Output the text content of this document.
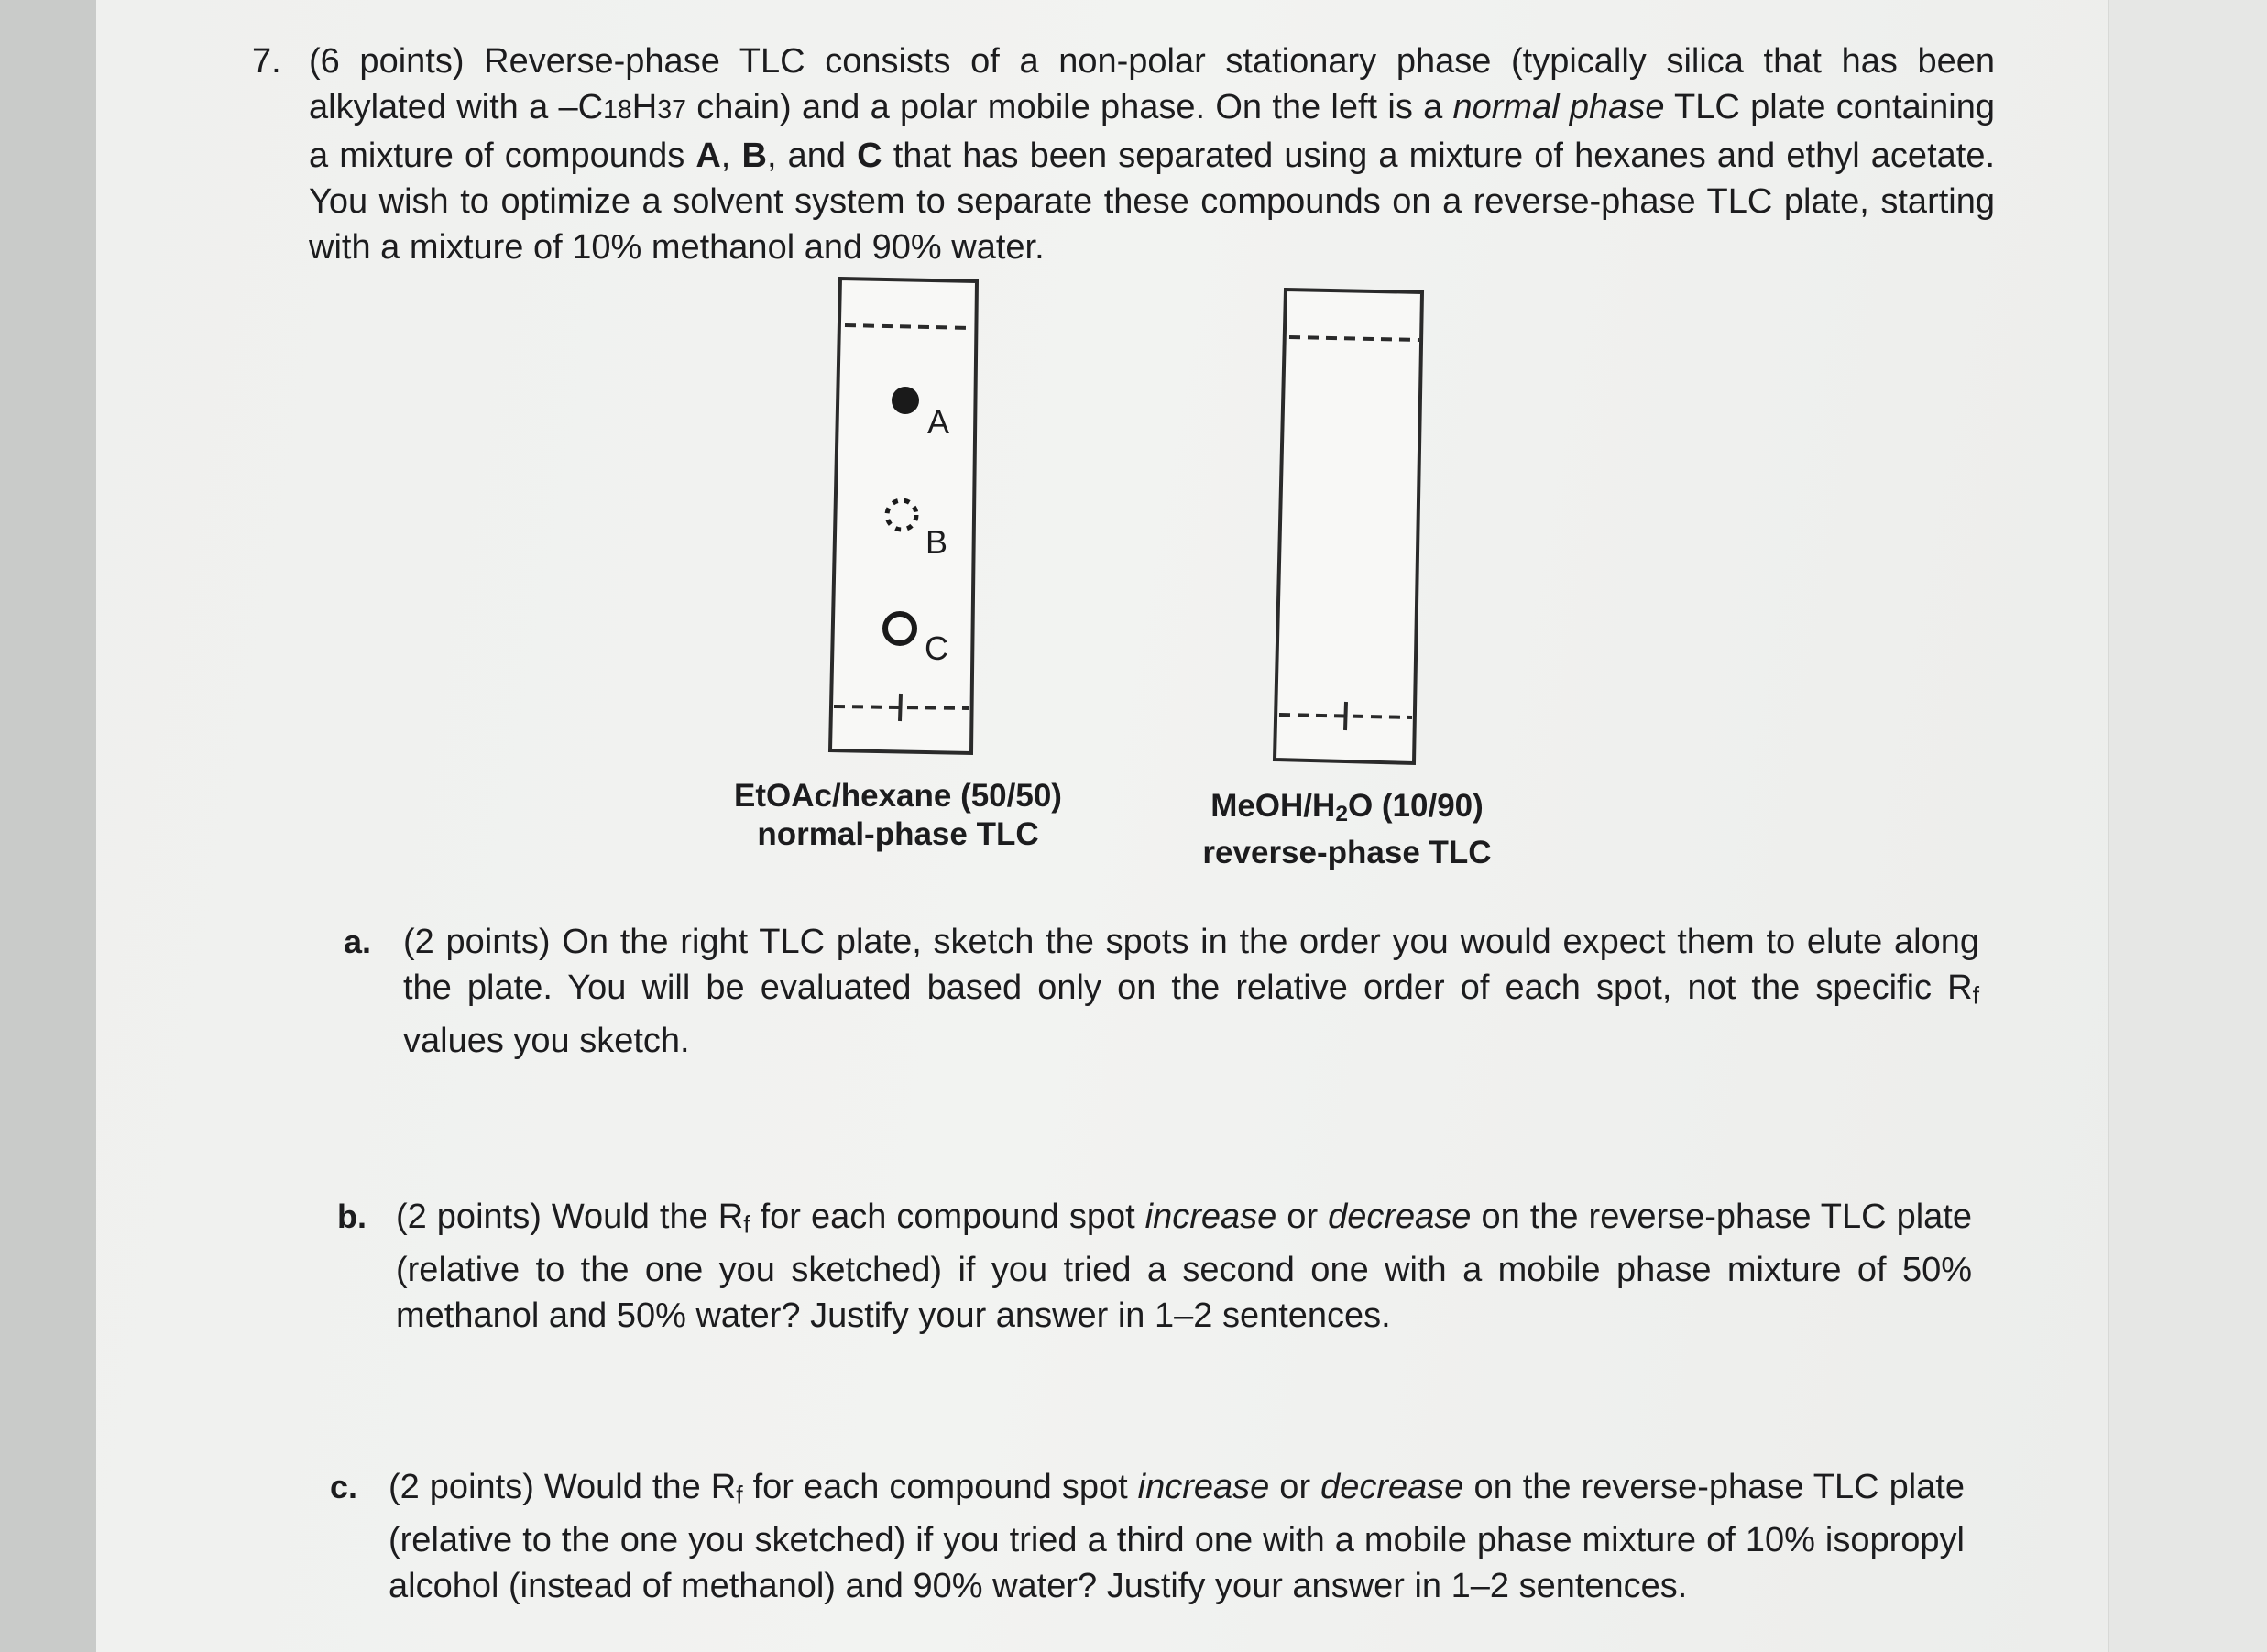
7. (6 points) Reverse-phase TLC consists of a non-polar stationary phase (typically silica that has been alkylated with a –C18H37 chain) and a polar mobile phase. On the left is a normal phase TLC plate containing a mixture of compounds A, B, and C that has been separated using a mixture of hexanes and ethyl acetate. You wish to optimize a solvent system to separate these compounds on a reverse-phase TLC plate, starting with a mixture of 10% methanol and 90% water.
A
B
C
EtOAc/hexane (50/50)
normal-phase TLC
MeOH/$H_2O$ (10/90)
reverse-phase TLC
a. (2 points) On the right TLC plate, sketch the spots in the order you would expect them to elute along the plate. You will be evaluated based only on the relative order of each spot, not the specific $R_f$ values you sketch.
b. (2 points) Would the $R_f$ for each compound spot increase or decrease on the reverse-phase TLC plate (relative to the one you sketched) if you tried a second one with a mobile phase mixture of 50% methanol and 50% water? Justify your answer in 1–2 sentences.
c. (2 points) Would the $R_f$ for each compound spot increase or decrease on the reverse-phase TLC plate (relative to the one you sketched) if you tried a third one with a mobile phase mixture of 10% isopropyl alcohol (instead of methanol) and 90% water? Justify your answer in 1–2 sentences.
